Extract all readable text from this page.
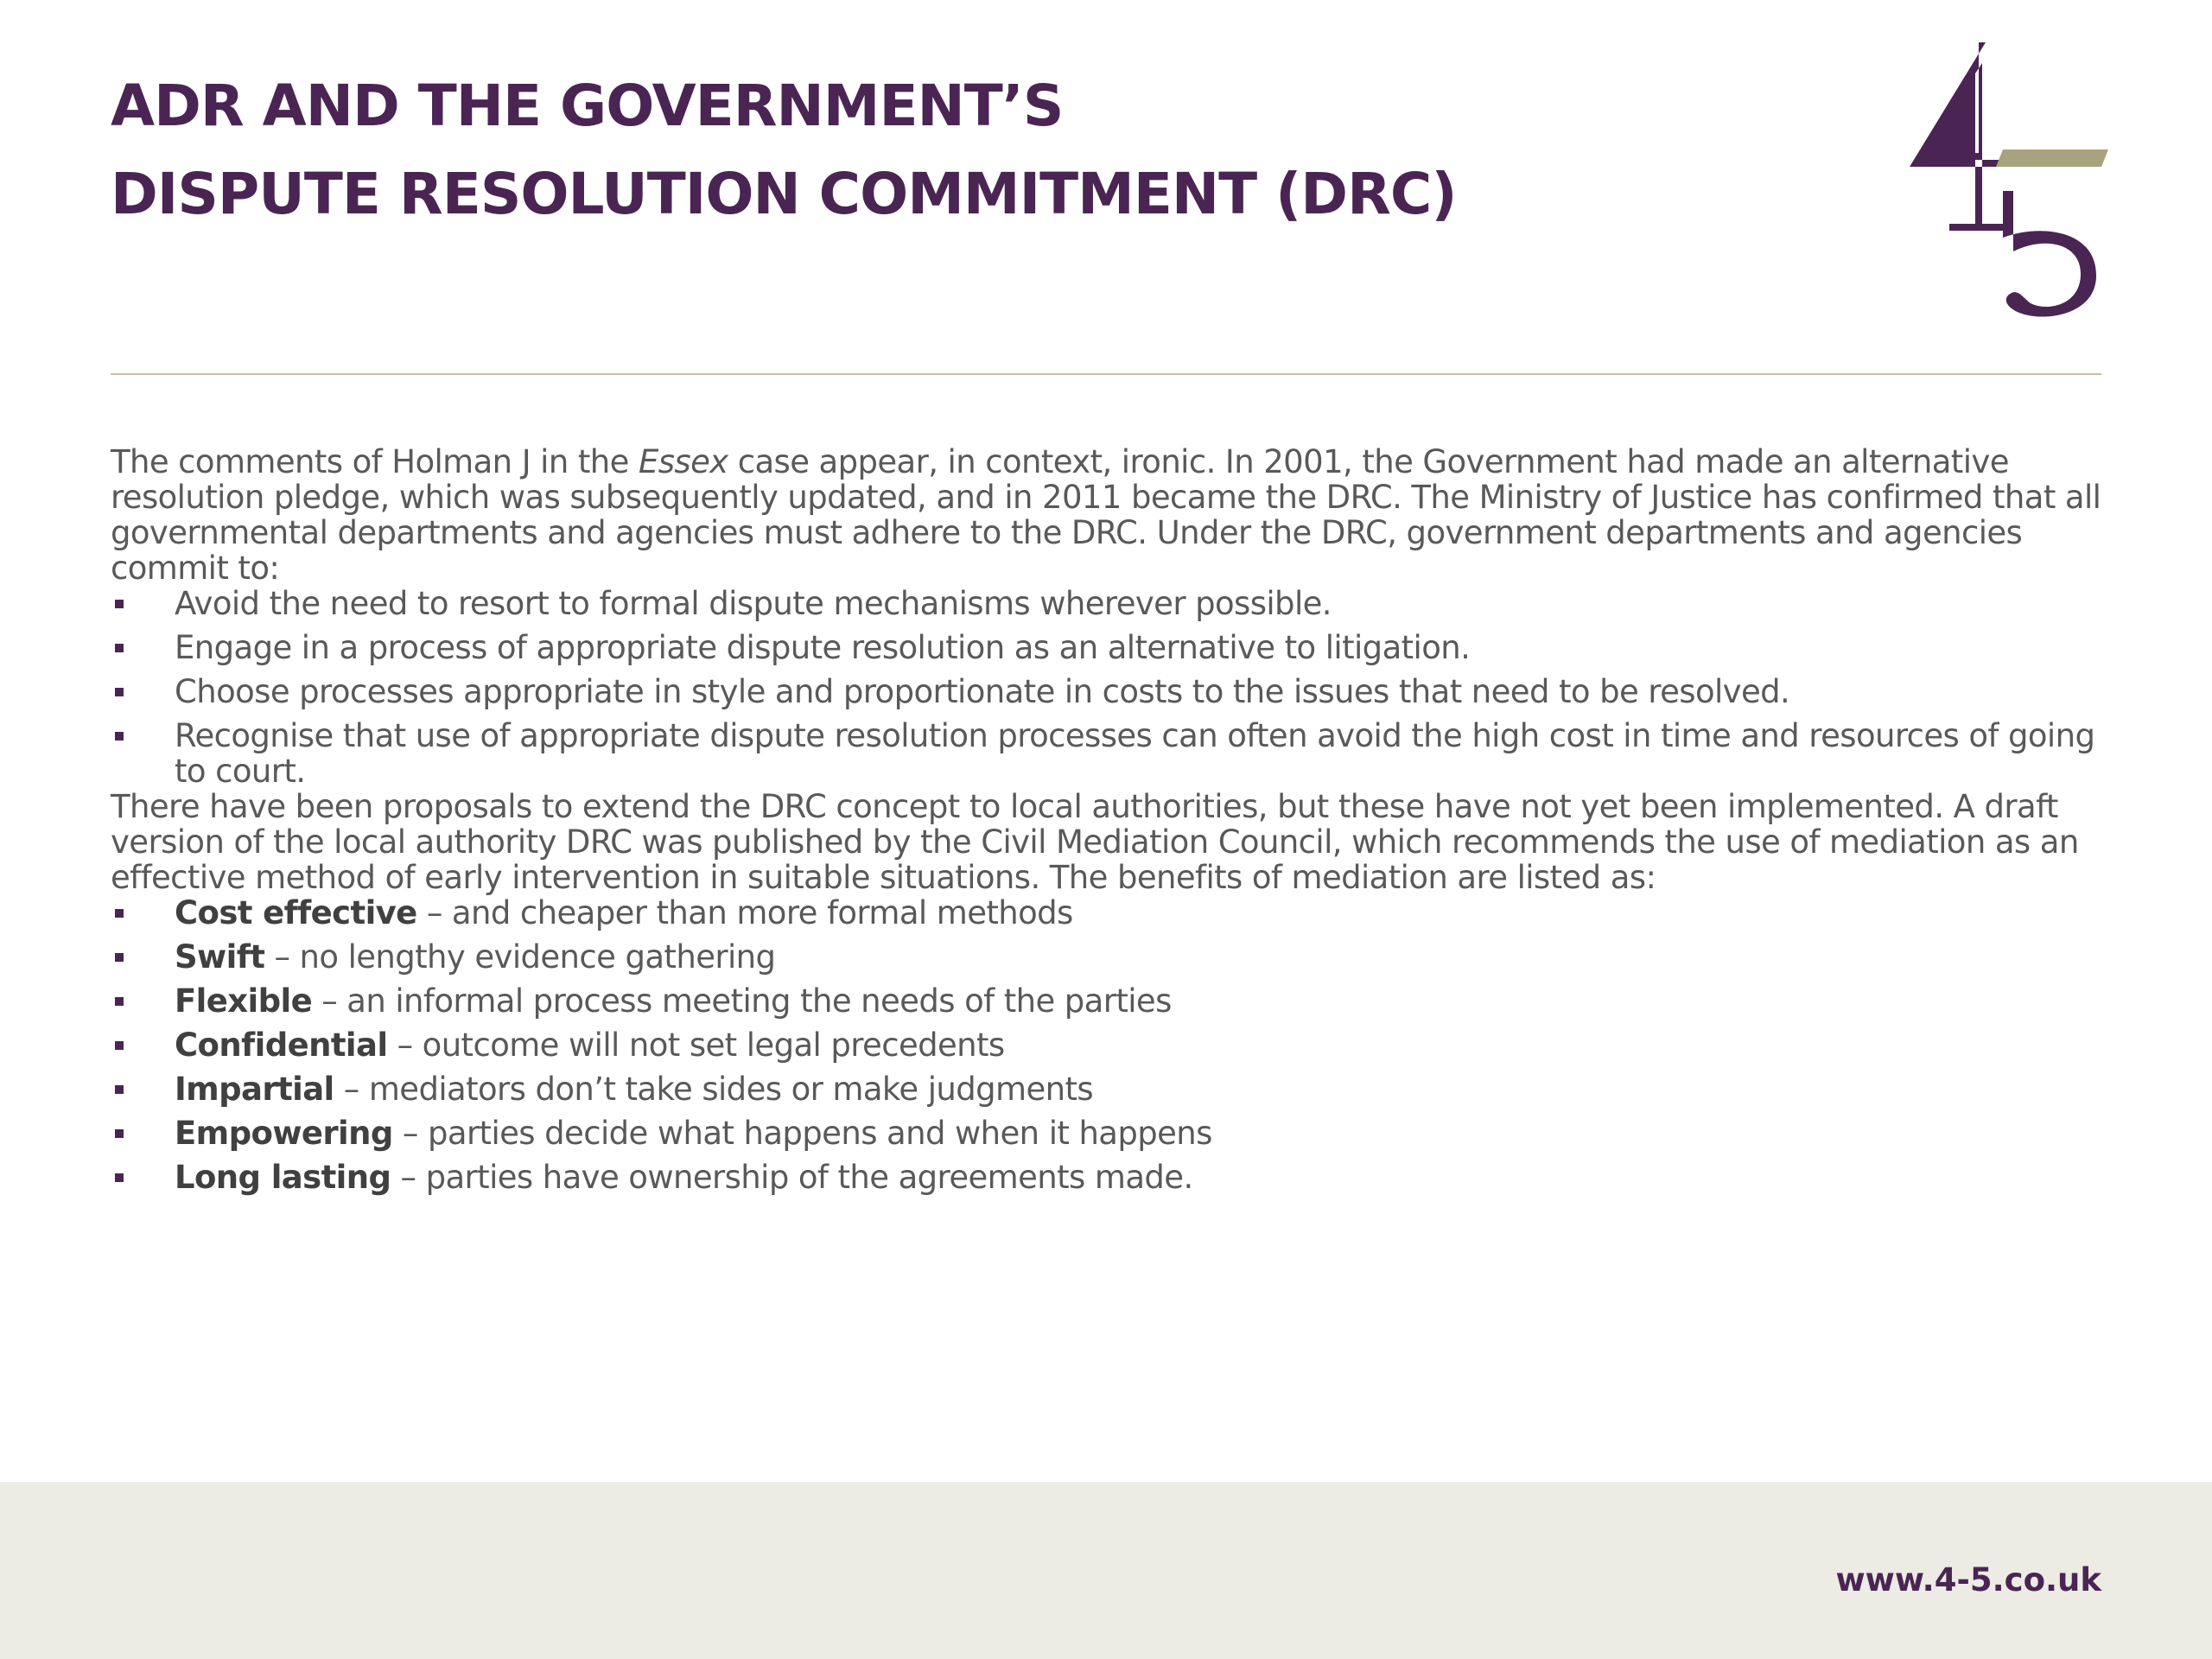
ADR AND THE GOVERNMENT’S
DISPUTE RESOLUTION COMMITMENT (DRC)

The comments of Holman J in the Essex case appear, in context, ironic. In 2001, the Government had made an alternative resolution pledge, which was subsequently updated, and in 2011 became the DRC. The Ministry of Justice has confirmed that all governmental departments and agencies must adhere to the DRC. Under the DRC, government departments and agencies commit to:

Avoid the need to resort to formal dispute mechanisms wherever possible.
Engage in a process of appropriate dispute resolution as an alternative to litigation.
Choose processes appropriate in style and proportionate in costs to the issues that need to be resolved.
Recognise that use of appropriate dispute resolution processes can often avoid the high cost in time and resources of going to court.

There have been proposals to extend the DRC concept to local authorities, but these have not yet been implemented. A draft version of the local authority DRC was published by the Civil Mediation Council, which recommends the use of mediation as an effective method of early intervention in suitable situations. The benefits of mediation are listed as:

Cost effective – and cheaper than more formal methods
Swift – no lengthy evidence gathering
Flexible – an informal process meeting the needs of the parties
Confidential – outcome will not set legal precedents
Impartial – mediators don’t take sides or make judgments
Empowering – parties decide what happens and when it happens
Long lasting – parties have ownership of the agreements made.
www.4-5.co.uk
